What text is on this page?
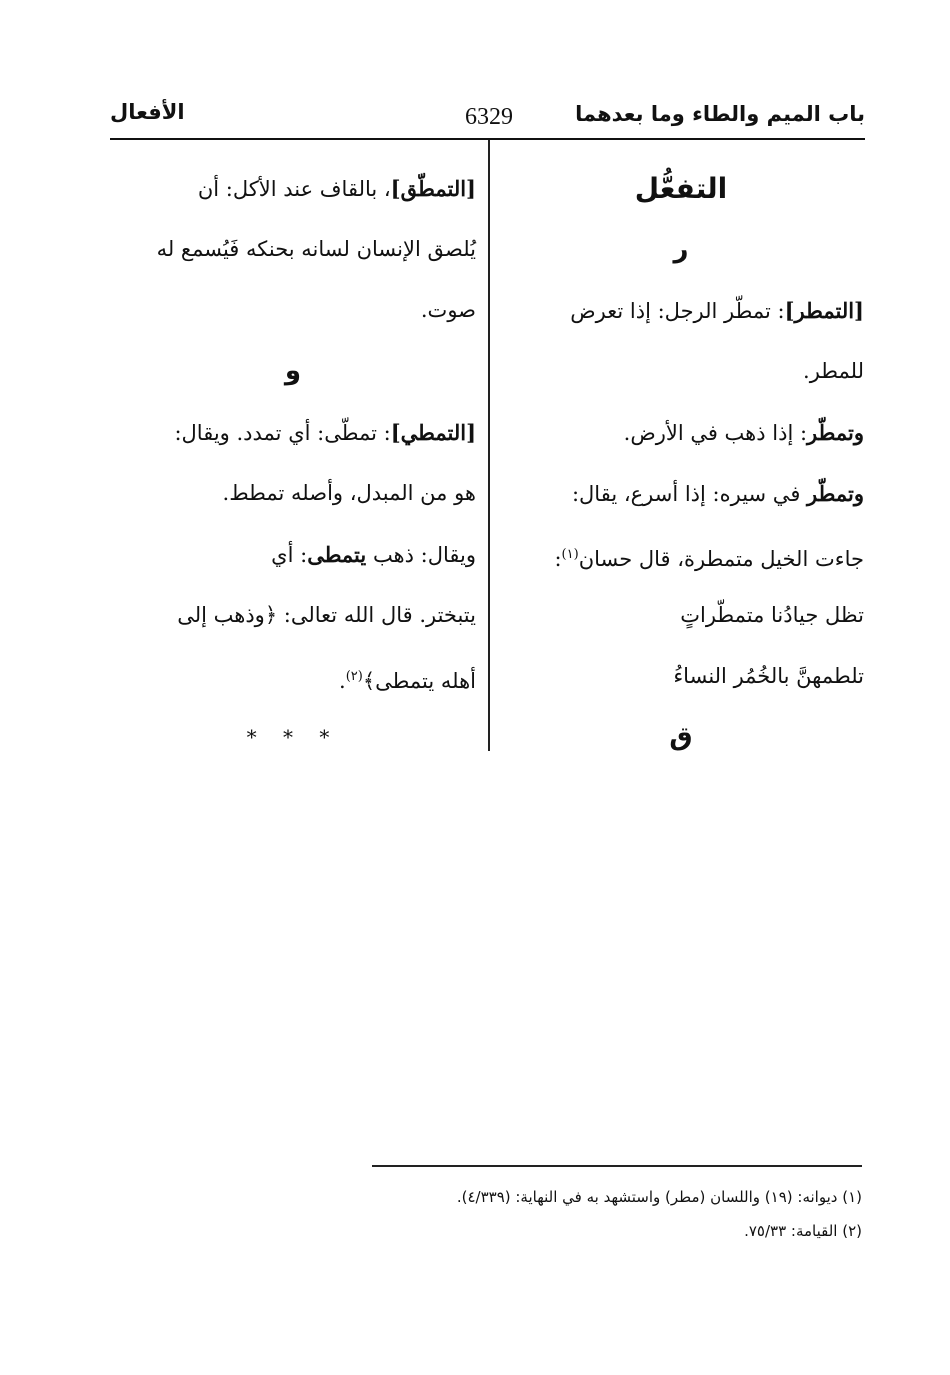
باب الميم والطاء وما بعدهما
6329
الأفعال
التفعُّل
ر
[التمطر]: تمطّر الرجل: إذا تعرض
للمطر.
وتمطّر: إذا ذهب في الأرض.
وتمطّر في سيره: إذا أسرع، يقال:
جاءت الخيل متمطرة، قال حسان$^{(١)}$:
تظل جيادُنا متمطّراتٍ
تلطمهنَّ بالخُمُر النساءُ
ق
[التمطّق]، بالقاف عند الأكل: أن
يُلصق الإنسان لسانه بحنكه فَيُسمع له
صوت.
و
[التمطي]: تمطّى: أي تمدد. ويقال:
هو من المبدل، وأصله تمطط.
ويقال: ذهب يتمطى: أي
يتبختر. قال الله تعالى: ﴿وذهب إلى
أهله يتمطى﴾$^{(٢)}$.
* * *
(١) ديوانه: (١٩) واللسان (مطر) واستشهد به في النهاية: (٤/٣٣٩).
(٢) القيامة: ٧٥/٣٣.
